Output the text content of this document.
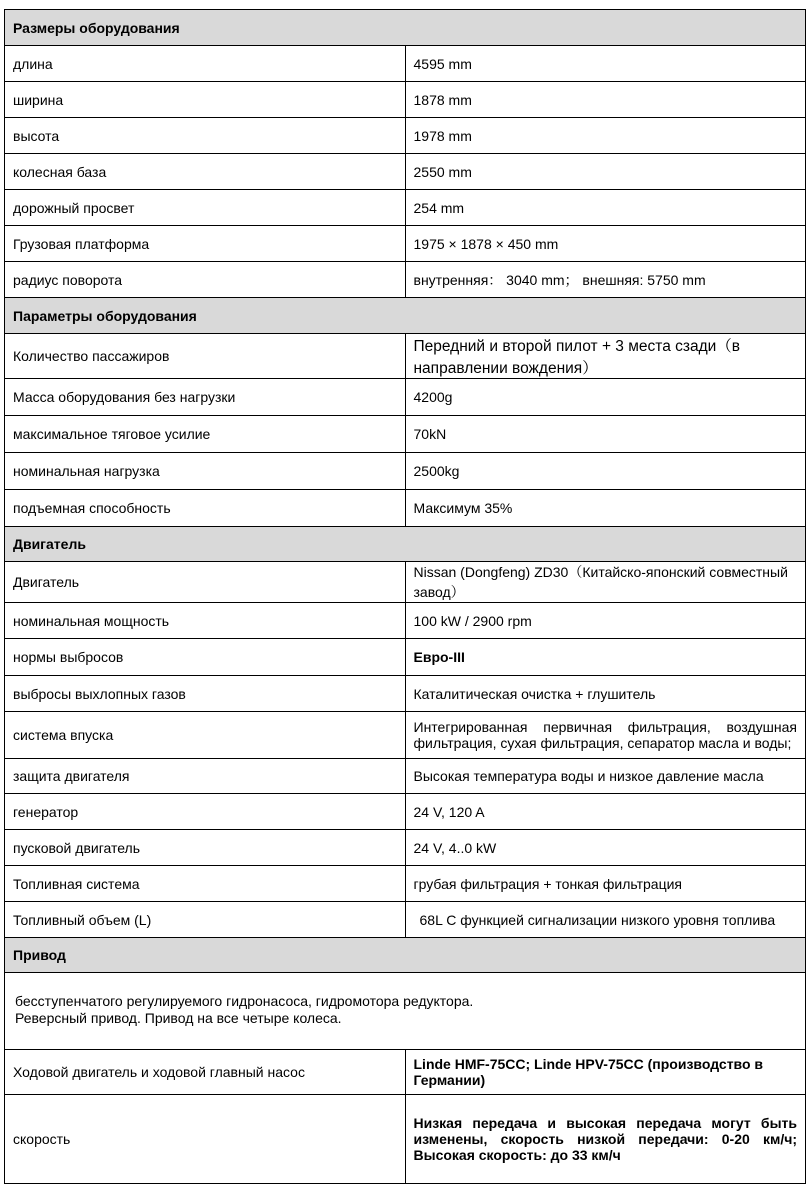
Размеры оборудования	
длина	4595 mm
ширина	1878 mm
высота	1978 mm
колесная база	2550 mm
дорожный просвет	254 mm
Грузовая платформа	1975 × 1878 × 450 mm
радиус поворота	внутренняя： 3040 mm； внешняя: 5750 mm
Параметры оборудования	
Количество пассажиров	Передний и второй пилот + 3 места сзади（в направлении вождения）
Масса оборудования без нагрузки	4200g
максимальное тяговое усилие	70kN
номинальная нагрузка	2500kg
подъемная способность	Максимум 35%
Двигатель	
Двигатель	Nissan (Dongfeng) ZD30（Китайско-японский совместный завод）
номинальная мощность	100 kW / 2900 rpm
нормы выбросов	Евро-III
выбросы выхлопных газов	Каталитическая очистка + глушитель
система впуска	Интегрированная первичная фильтрация, воздушная фильтрация, сухая фильтрация, сепаратор масла и воды;
защита двигателя	Высокая температура воды и низкое давление масла
генератор	24 V, 120 A
пусковой двигатель	24 V, 4..0 kW
Топливная система	грубая фильтрация + тонкая фильтрация
Топливный объем (L)	68L С функцией сигнализации низкого уровня топлива
Привод	

бесступенчатого регулируемого гидронасоса, гидромотора редуктора.
Реверсный привод. Привод на все четыре колеса.	

Ходовой двигатель и ходовой главный насос	Linde HMF-75CC; Linde HPV-75CC (производство в Германии)
скорость	Низкая передача и высокая передача могут быть изменены, скорость низкой передачи: 0-20 км/ч; Высокая скорость: до 33 км/ч
